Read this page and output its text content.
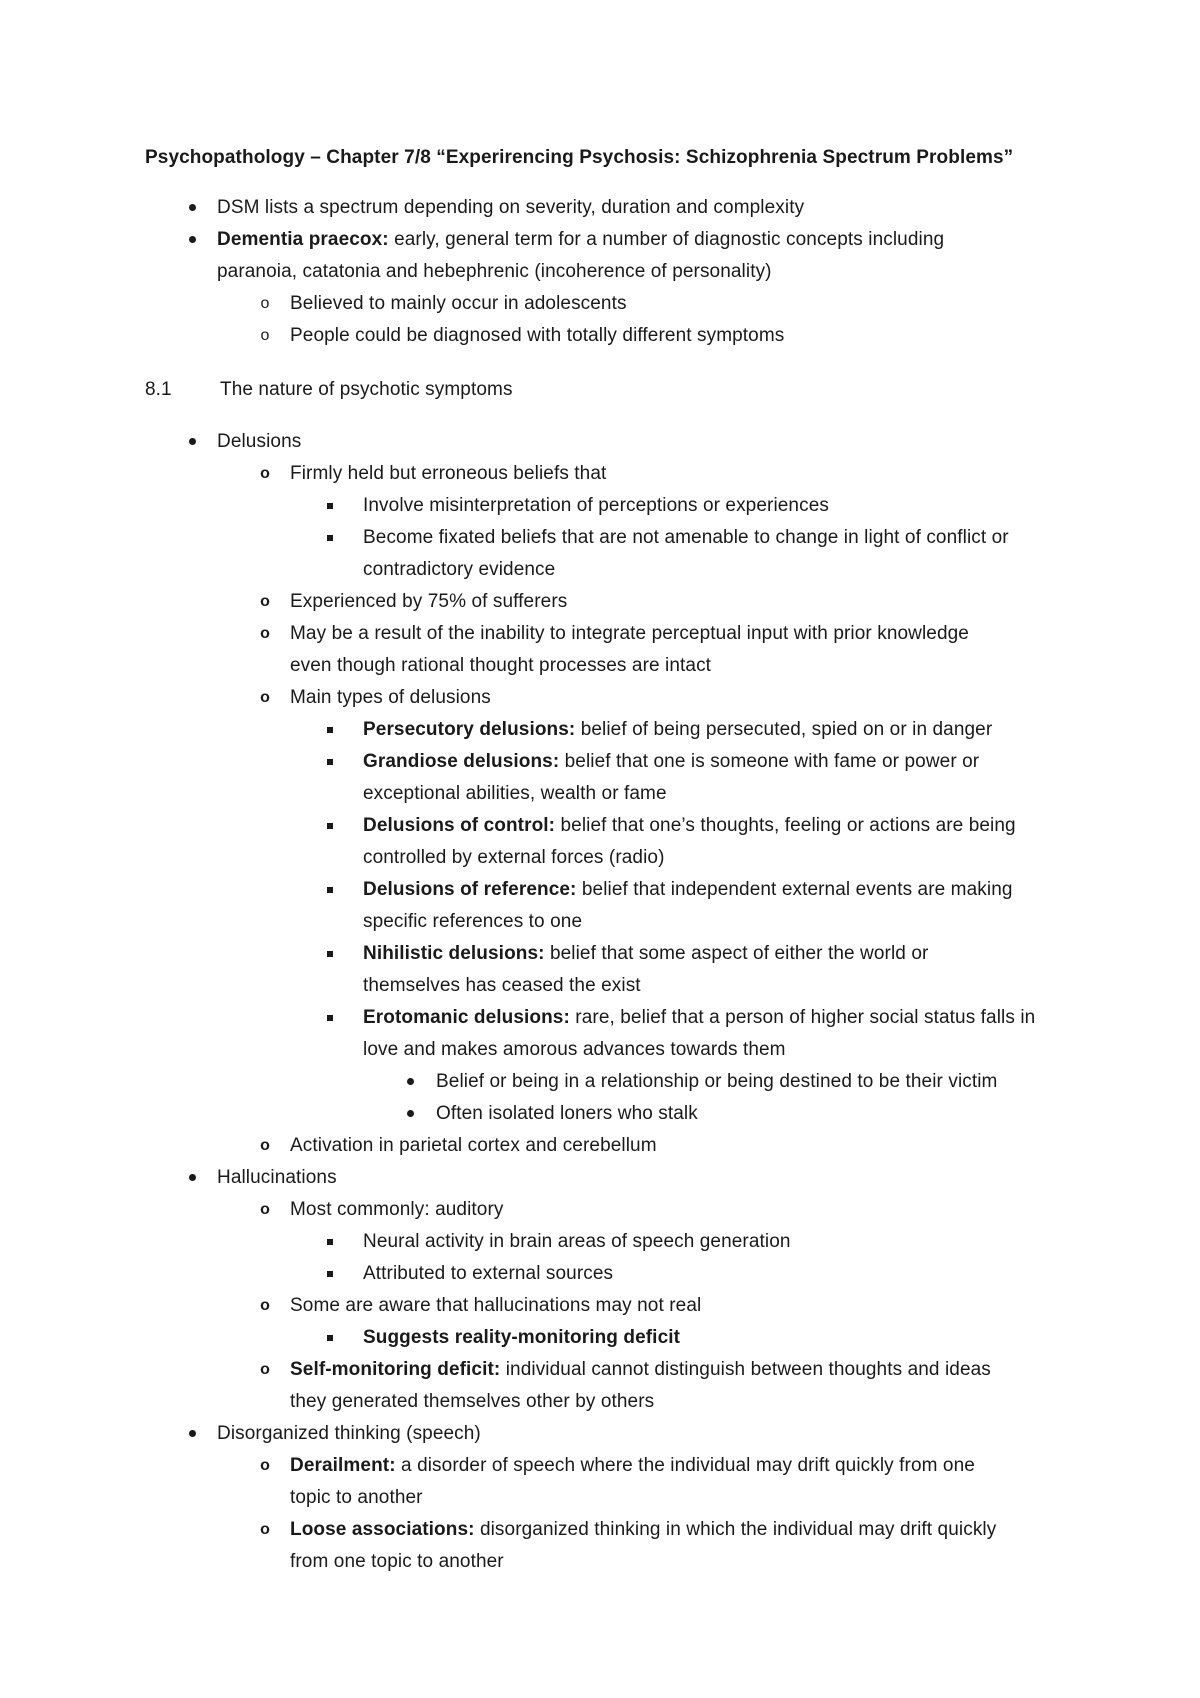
Psychopathology – Chapter 7/8 “Experirencing Psychosis: Schizophrenia Spectrum Problems”
DSM lists a spectrum depending on severity, duration and complexity
Dementia praecox: early, general term for a number of diagnostic concepts including
paranoia, catatonia and hebephrenic (incoherence of personality)
o Believed to mainly occur in adolescents
o People could be diagnosed with totally different symptoms
8.1	The nature of psychotic symptoms
Delusions
o Firmly held but erroneous beliefs that
Involve misinterpretation of perceptions or experiences
Become fixated beliefs that are not amenable to change in light of conflict or
contradictory evidence
o Experienced by 75% of sufferers
o May be a result of the inability to integrate perceptual input with prior knowledge
even though rational thought processes are intact
o Main types of delusions
Persecutory delusions: belief of being persecuted, spied on or in danger
Grandiose delusions: belief that one is someone with fame or power or
exceptional abilities, wealth or fame
Delusions of control: belief that one’s thoughts, feeling or actions are being
controlled by external forces (radio)
Delusions of reference: belief that independent external events are making
specific references to one
Nihilistic delusions: belief that some aspect of either the world or
themselves has ceased the exist
Erotomanic delusions: rare, belief that a person of higher social status falls in
love and makes amorous advances towards them
Belief or being in a relationship or being destined to be their victim
Often isolated loners who stalk
o Activation in parietal cortex and cerebellum
Hallucinations
o Most commonly: auditory
Neural activity in brain areas of speech generation
Attributed to external sources
o Some are aware that hallucinations may not real
Suggests reality-monitoring deficit
o Self-monitoring deficit: individual cannot distinguish between thoughts and ideas
they generated themselves other by others
Disorganized thinking (speech)
o Derailment: a disorder of speech where the individual may drift quickly from one
topic to another
o Loose associations: disorganized thinking in which the individual may drift quickly
from one topic to another
